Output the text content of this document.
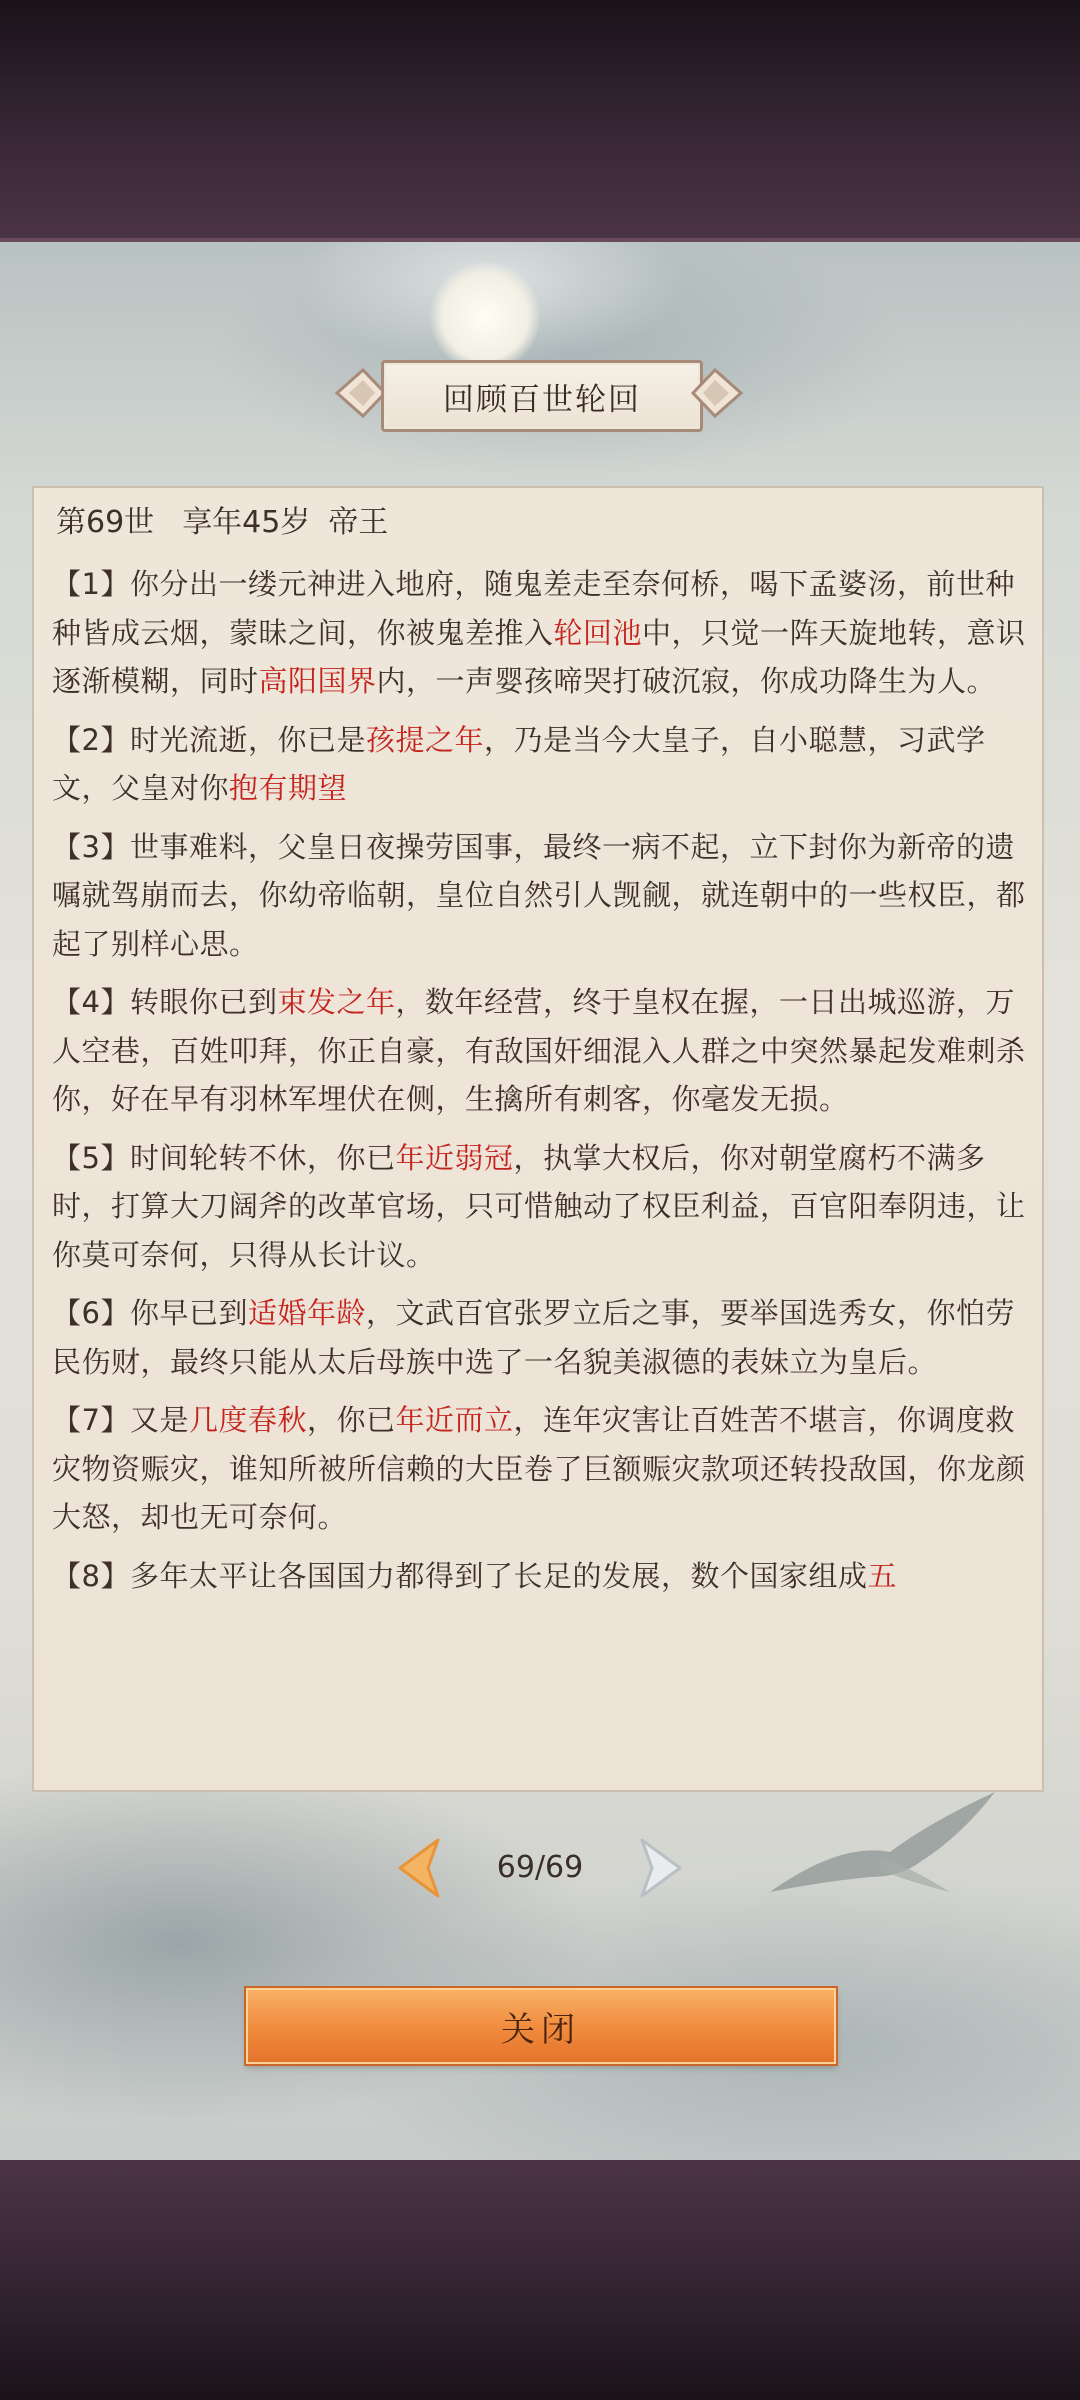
回顾百世轮回
第69世 享年45岁 帝王
【1】你分出一缕元神进入地府，随鬼差走至奈何桥，喝下孟婆汤，前世种种皆成云烟，蒙昧之间，你被鬼差推入轮回池中，只觉一阵天旋地转，意识逐渐模糊，同时高阳国界内，一声婴孩啼哭打破沉寂，你成功降生为人。
【2】时光流逝，你已是孩提之年，乃是当今大皇子，自小聪慧，习武学文，父皇对你抱有期望
【3】世事难料，父皇日夜操劳国事，最终一病不起，立下封你为新帝的遗嘱就驾崩而去，你幼帝临朝，皇位自然引人觊觎，就连朝中的一些权臣，都起了别样心思。
【4】转眼你已到束发之年，数年经营，终于皇权在握，一日出城巡游，万人空巷，百姓叩拜，你正自豪，有敌国奸细混入人群之中突然暴起发难刺杀你，好在早有羽林军埋伏在侧，生擒所有刺客，你毫发无损。
【5】时间轮转不休，你已年近弱冠，执掌大权后，你对朝堂腐朽不满多时，打算大刀阔斧的改革官场，只可惜触动了权臣利益，百官阳奉阴违，让你莫可奈何，只得从长计议。
【6】你早已到适婚年龄，文武百官张罗立后之事，要举国选秀女，你怕劳民伤财，最终只能从太后母族中选了一名貌美淑德的表妹立为皇后。
【7】又是几度春秋，你已年近而立，连年灾害让百姓苦不堪言，你调度救灾物资赈灾，谁知所被所信赖的大臣卷了巨额赈灾款项还转投敌国，你龙颜大怒，却也无可奈何。
【8】多年太平让各国国力都得到了长足的发展，数个国家组成五
69/69
关闭
